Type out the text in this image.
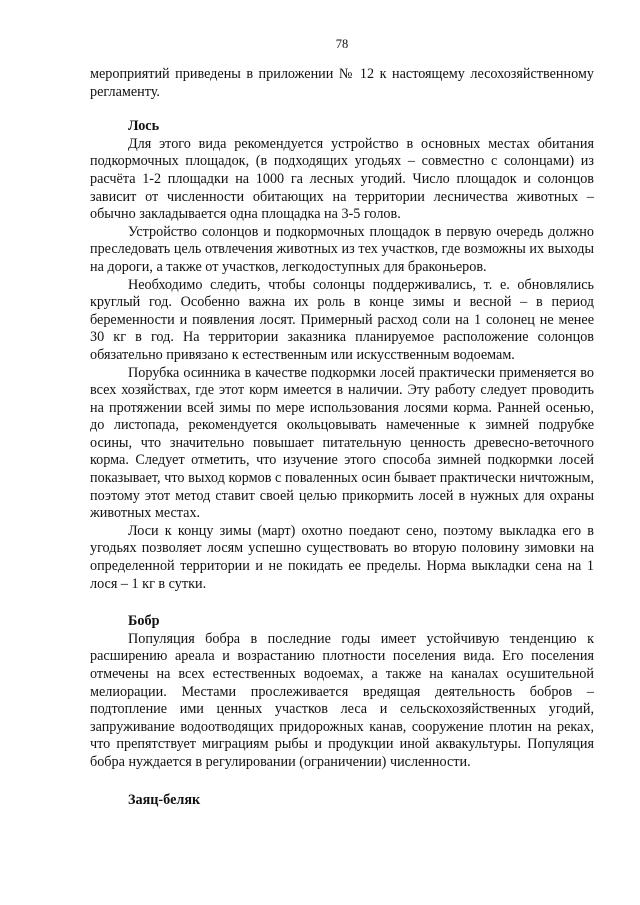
78

мероприятий приведены в приложении № 12 к настоящему лесохозяйственному регламенту.

Лось

Для этого вида рекомендуется устройство в основных местах обитания подкормочных площадок, (в подходящих угодьях – совместно с солонцами) из расчёта 1-2 площадки на 1000 га лесных угодий. Число площадок и солонцов зависит от численности обитающих на территории лесничества животных – обычно закладывается одна площадка на 3-5 голов.

Устройство солонцов и подкормочных площадок в первую очередь должно преследовать цель отвлечения животных из тех участков, где возможны их выходы на дороги, а также от участков, легкодоступных для браконьеров.

Необходимо следить, чтобы солонцы поддерживались, т. е. обновлялись круглый год. Особенно важна их роль в конце зимы и весной – в период беременности и появления лосят. Примерный расход соли на 1 солонец не менее 30 кг в год. На территории заказника планируемое расположение солонцов обязательно привязано к естественным или искусственным водоемам.

Порубка осинника в качестве подкормки лосей практически применяется во всех хозяйствах, где этот корм имеется в наличии. Эту работу следует проводить на протяжении всей зимы по мере использования лосями корма. Ранней осенью, до листопада, рекомендуется окольцовывать намеченные к зимней подрубке осины, что значительно повышает питательную ценность древесно-веточного корма. Следует отметить, что изучение этого способа зимней подкормки лосей показывает, что выход кормов с поваленных осин бывает практически ничтожным, поэтому этот метод ставит своей целью прикормить лосей в нужных для охраны животных местах.

Лоси к концу зимы (март) охотно поедают сено, поэтому выкладка его в угодьях позволяет лосям успешно существовать во вторую половину зимовки на определенной территории и не покидать ее пределы. Норма выкладки сена на 1 лося – 1 кг в сутки.

Бобр

Популяция бобра в последние годы имеет устойчивую тенденцию к расширению ареала и возрастанию плотности поселения вида. Его поселения отмечены на всех естественных водоемах, а также на каналах осушительной мелиорации. Местами прослеживается вредящая деятельность бобров – подтопление ими ценных участков леса и сельскохозяйственных угодий, запруживание водоотводящих придорожных канав, сооружение плотин на реках, что препятствует миграциям рыбы и продукции иной аквакультуры. Популяция бобра нуждается в регулировании (ограничении) численности.

Заяц-беляк
